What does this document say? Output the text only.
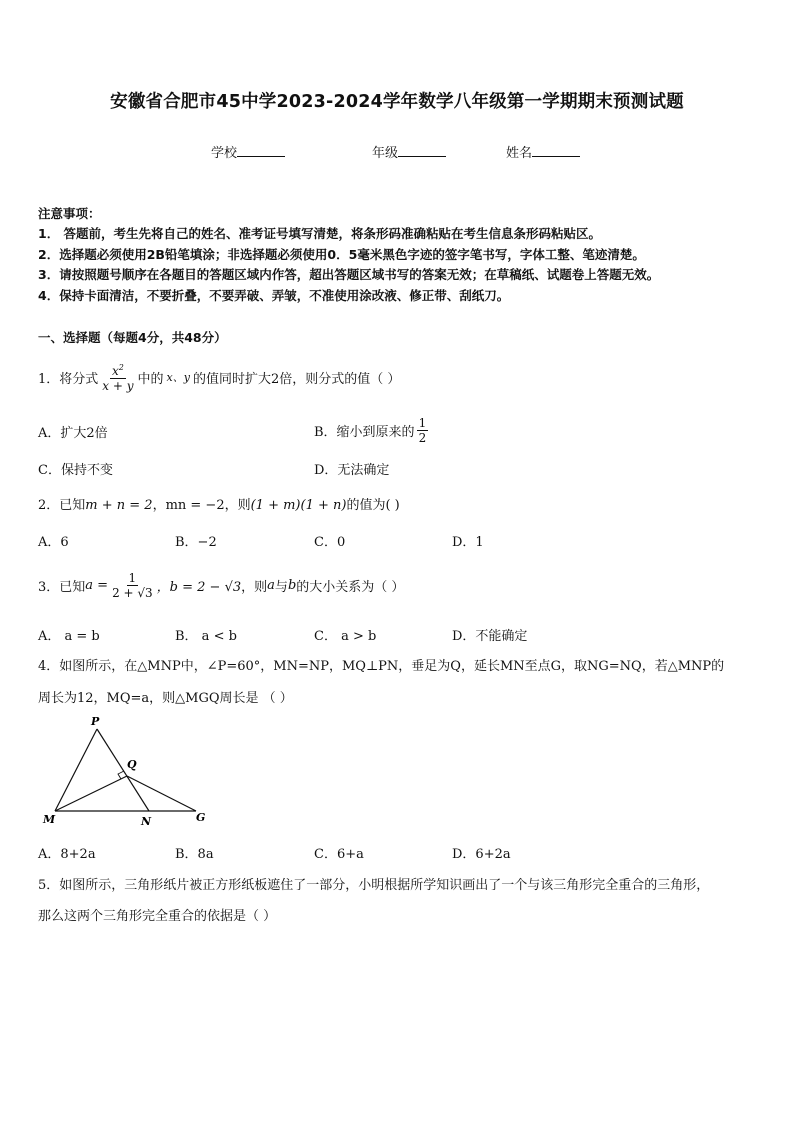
安徽省合肥市45中学2023-2024学年数学八年级第一学期期末预测试题
学校	年级	姓名
注意事项：
1． 答题前，考生先将自己的姓名、准考证号填写清楚，将条形码准确粘贴在考生信息条形码粘贴区。
2．选择题必须使用2B铅笔填涂；非选择题必须使用0．5毫米黑色字迹的签字笔书写，字体工整、笔迹清楚。
3．请按照题号顺序在各题目的答题区域内作答，超出答题区域书写的答案无效；在草稿纸、试题卷上答题无效。
4．保持卡面清洁，不要折叠，不要弄破、弄皱，不准使用涂改液、修正带、刮纸刀。
一、选择题（每题4分，共48分）
1．将分式 $\frac{x^2}{x + y}$ 中的 x、y 的值同时扩大2倍，则分式的值（ ）
A．扩大2倍	B．缩小到原来的 $\frac{1}{2}$
C．保持不变	D．无法确定
2．已知m + n = 2，mn = −2，则(1 + m)(1 + n)的值为( )
A．6	B．−2	C．0	D．1
3．已知 $a = \frac{1}{2 + √3}$ ，b = 2 − √3 ，则 a 与 b 的大小关系为（ ）
A． a = b	B． a < b	C． a > b	D．不能确定
4．如图所示，在△MNP中，∠P=60°，MN=NP，MQ⊥PN，垂足为Q，延长MN至点G，取NG=NQ，若△MNP的
周长为12，MQ=a，则△MGQ周长是 （ ）
P
Q
M	N	G
A．8+2a	B．8a	C．6+a	D．6+2a
5．如图所示，三角形纸片被正方形纸板遮住了一部分，小明根据所学知识画出了一个与该三角形完全重合的三角形，
那么这两个三角形完全重合的依据是（ ）
